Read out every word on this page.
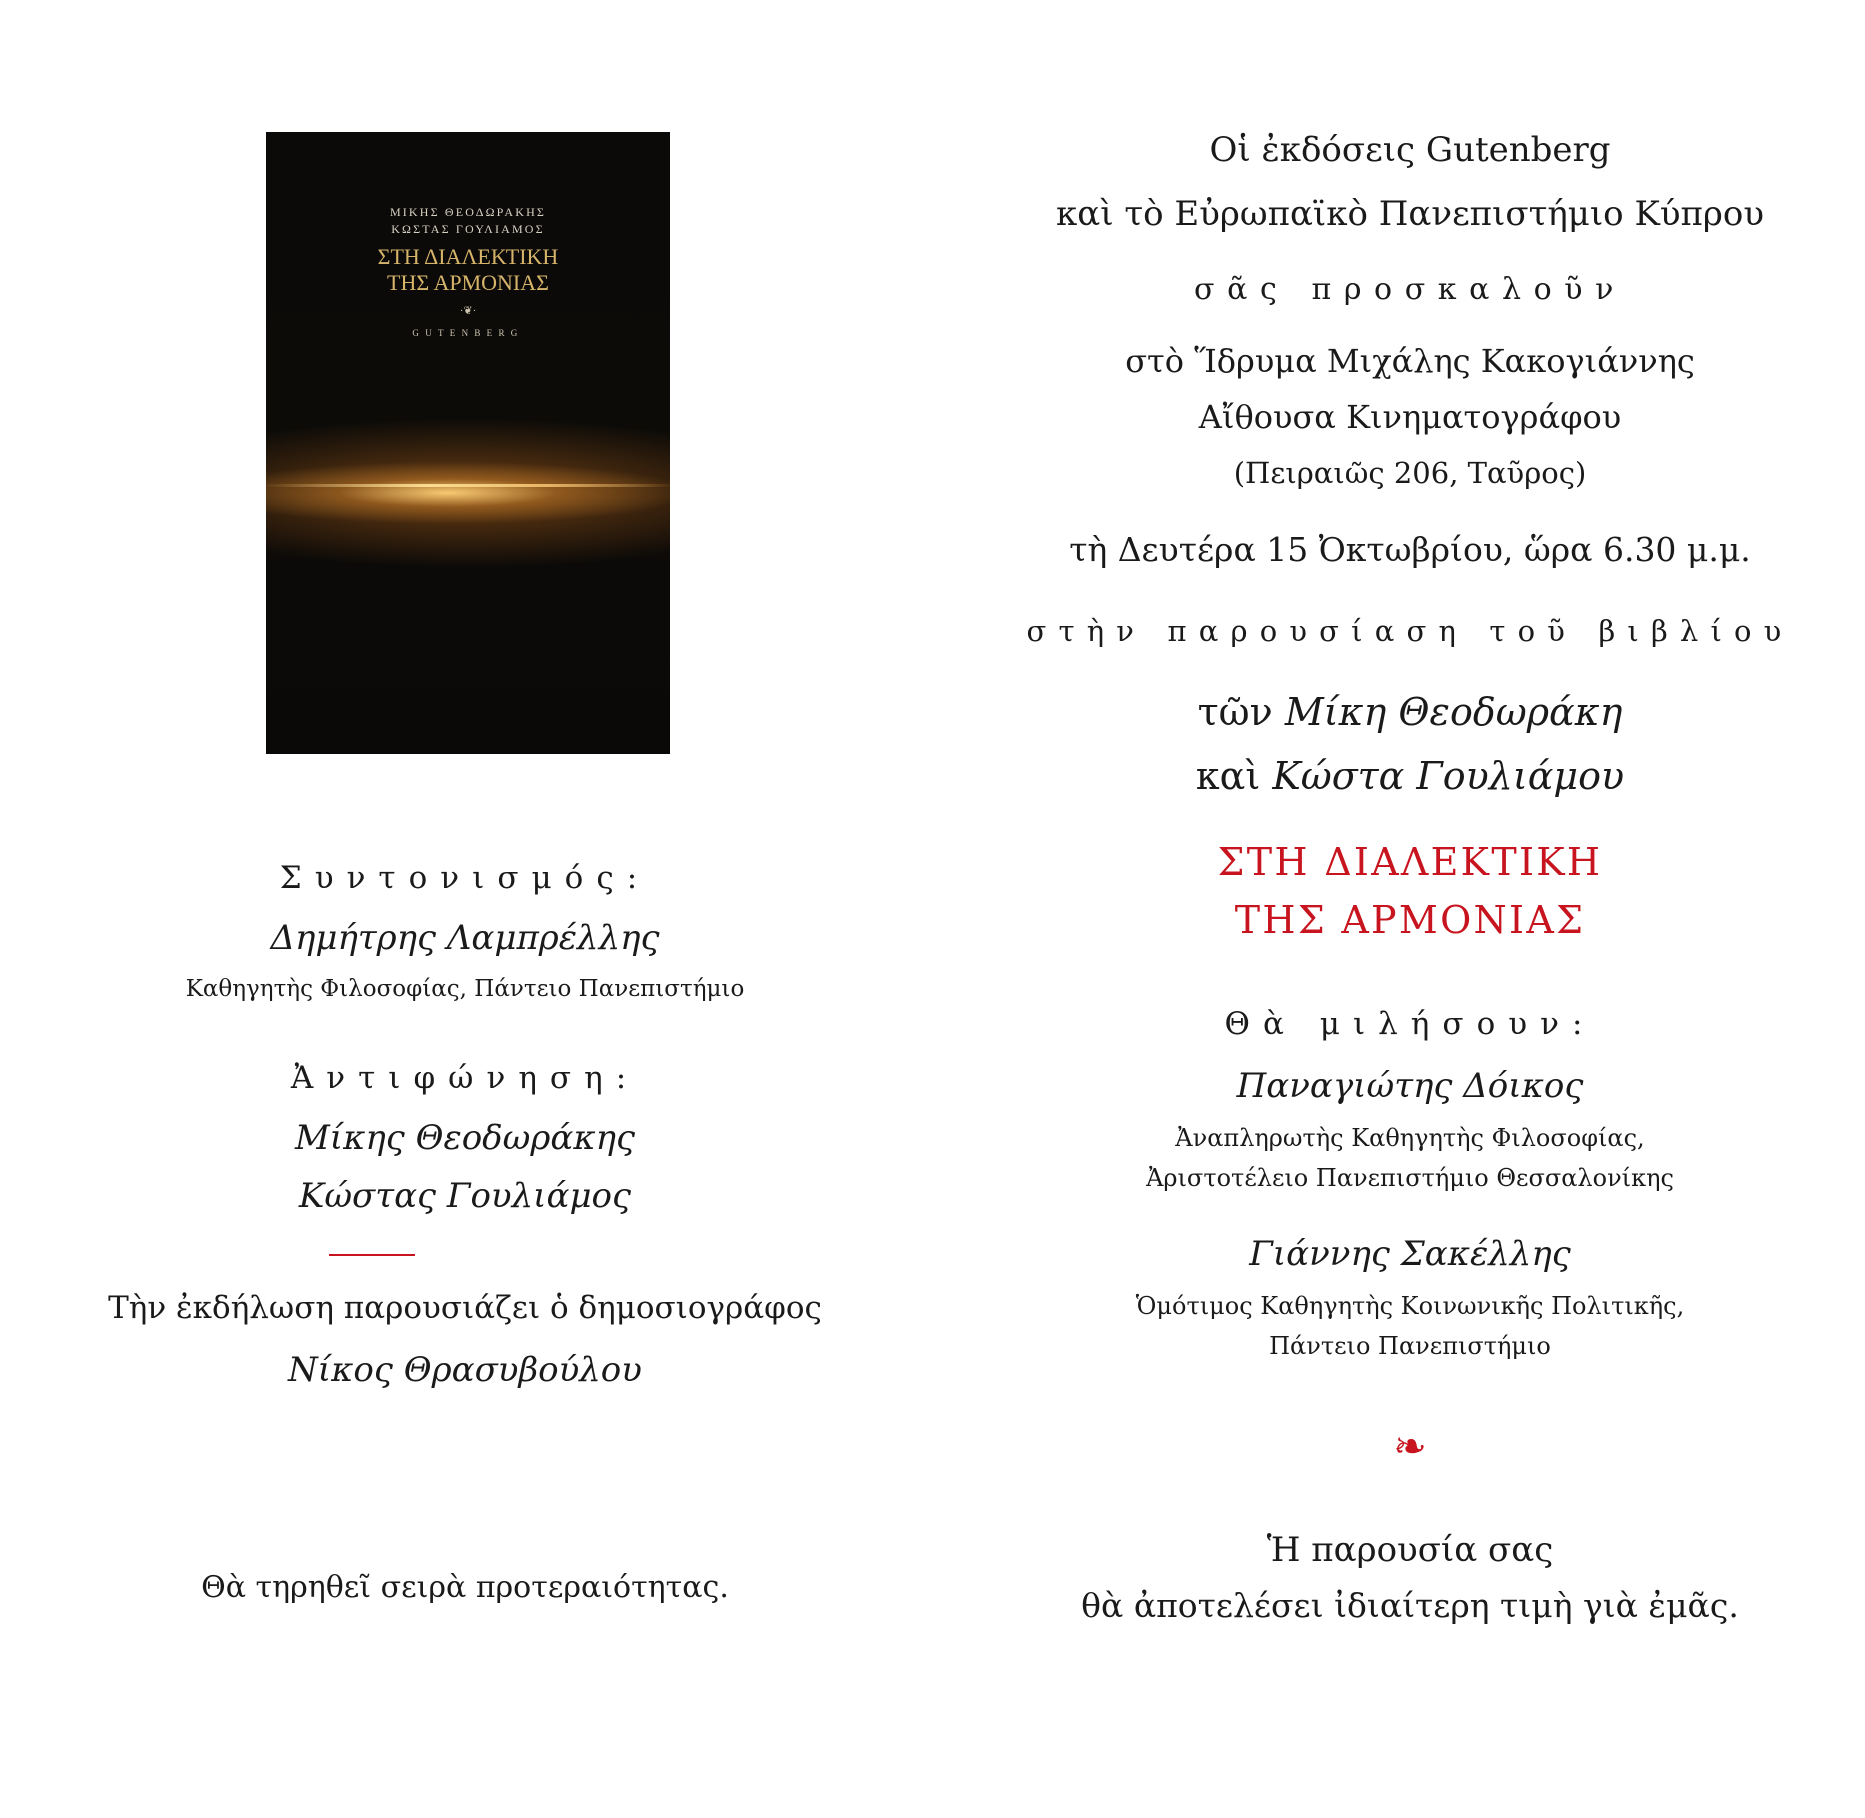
ΜΙΚΗΣ ΘΕΟΔΩΡΑΚΗΣ
ΚΩΣΤΑΣ ΓΟΥΛΙΑΜΟΣ
ΣΤΗ ΔΙΑΛΕΚΤΙΚΗ
ΤΗΣ ΑΡΜΟΝΙΑΣ
·❦·
GUTENBERG
Συντονισμός:
Δημήτρης Λαμπρέλλης
Καθηγητὴς Φιλοσοφίας, Πάντειο Πανεπιστήμιο
Ἀντιφώνηση:
Μίκης Θεοδωράκης
Κώστας Γουλιάμος
Τὴν ἐκδήλωση παρουσιάζει ὁ δημοσιογράφος
Νίκος Θρασυβούλου
Θὰ τηρηθεῖ σειρὰ προτεραιότητας.
Οἱ ἐκδόσεις Gutenberg
καὶ τὸ Εὐρωπαϊκὸ Πανεπιστήμιο Κύπρου
σᾶς προσκαλοῦν
στὸ Ἵδρυμα Μιχάλης Κακογιάννης
Αἴθουσα Κινηματογράφου
(Πειραιῶς 206, Ταῦρος)
τὴ Δευτέρα 15 Ὀκτωβρίου, ὥρα 6.30 μ.μ.
στὴν παρουσίαση τοῦ βιβλίου
τῶν Μίκη Θεοδωράκη
καὶ Κώστα Γουλιάμου
ΣΤΗ ΔΙΑΛΕΚΤΙΚΗ
ΤΗΣ ΑΡΜΟΝΙΑΣ
Θὰ μιλήσουν:
Παναγιώτης Δόικος
Ἀναπληρωτὴς Καθηγητὴς Φιλοσοφίας,
Ἀριστοτέλειο Πανεπιστήμιο Θεσσαλονίκης
Γιάννης Σακέλλης
Ὁμότιμος Καθηγητὴς Κοινωνικῆς Πολιτικῆς,
Πάντειο Πανεπιστήμιο
❧
Ἡ παρουσία σας
θὰ ἀποτελέσει ἰδιαίτερη τιμὴ γιὰ ἐμᾶς.
